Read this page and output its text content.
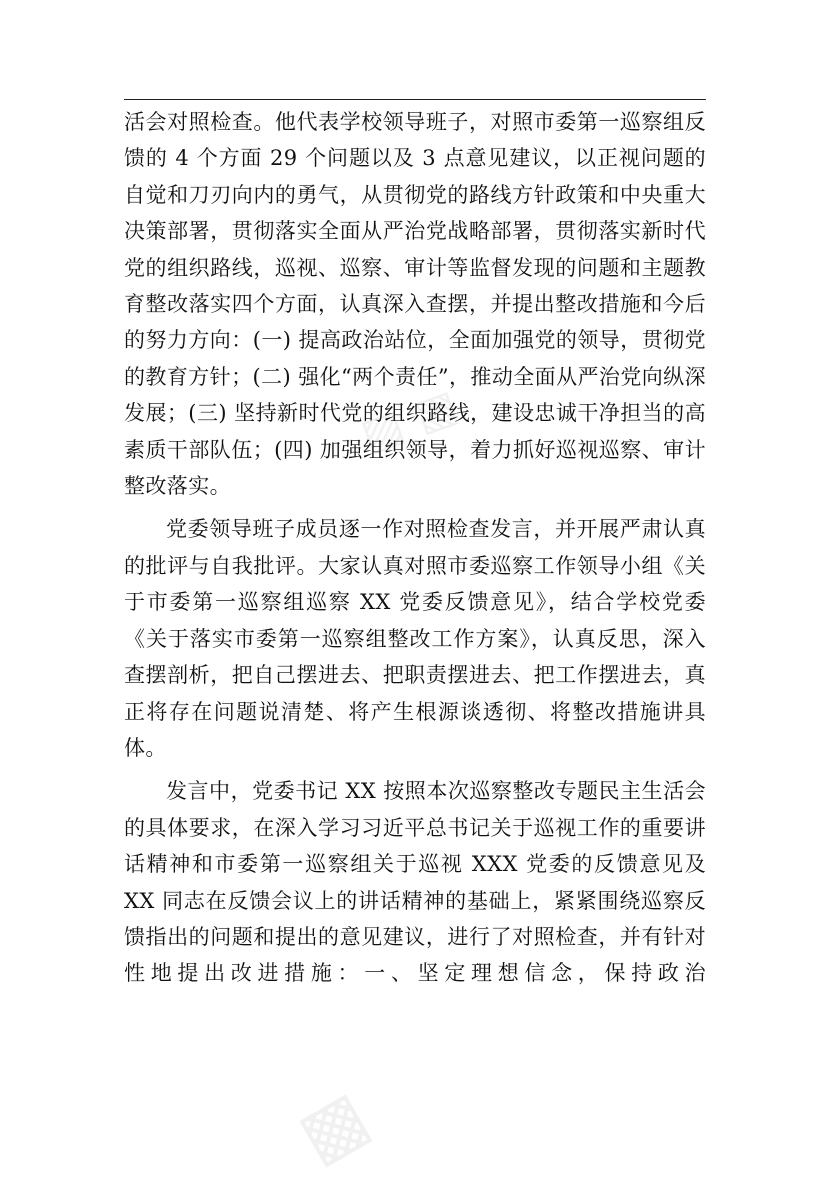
▨ ▧
▩

活会对照检查。他代表学校领导班子，对照市委第一巡察组反馈的 4 个方面 29 个问题以及 3 点意见建议，以正视问题的自觉和刀刃向内的勇气，从贯彻党的路线方针政策和中央重大决策部署，贯彻落实全面从严治党战略部署，贯彻落实新时代党的组织路线，巡视、巡察、审计等监督发现的问题和主题教育整改落实四个方面，认真深入查摆，并提出整改措施和今后的努力方向：(一) 提高政治站位，全面加强党的领导，贯彻党的教育方针；(二) 强化“两个责任”，推动全面从严治党向纵深发展；(三) 坚持新时代党的组织路线，建设忠诚干净担当的高素质干部队伍；(四) 加强组织领导，着力抓好巡视巡察、审计整改落实。

党委领导班子成员逐一作对照检查发言，并开展严肃认真的批评与自我批评。大家认真对照市委巡察工作领导小组《关于市委第一巡察组巡察 XX 党委反馈意见》，结合学校党委《关于落实市委第一巡察组整改工作方案》，认真反思，深入查摆剖析，把自己摆进去、把职责摆进去、把工作摆进去，真正将存在问题说清楚、将产生根源谈透彻、将整改措施讲具体。

发言中，党委书记 XX 按照本次巡察整改专题民主生活会的具体要求，在深入学习习近平总书记关于巡视工作的重要讲话精神和市委第一巡察组关于巡视 XXX 党委的反馈意见及 XX 同志在反馈会议上的讲话精神的基础上，紧紧围绕巡察反馈指出的问题和提出的意见建议，进行了对照检查，并有针对性地提出改进措施：一、坚定理想信念，保持政治
